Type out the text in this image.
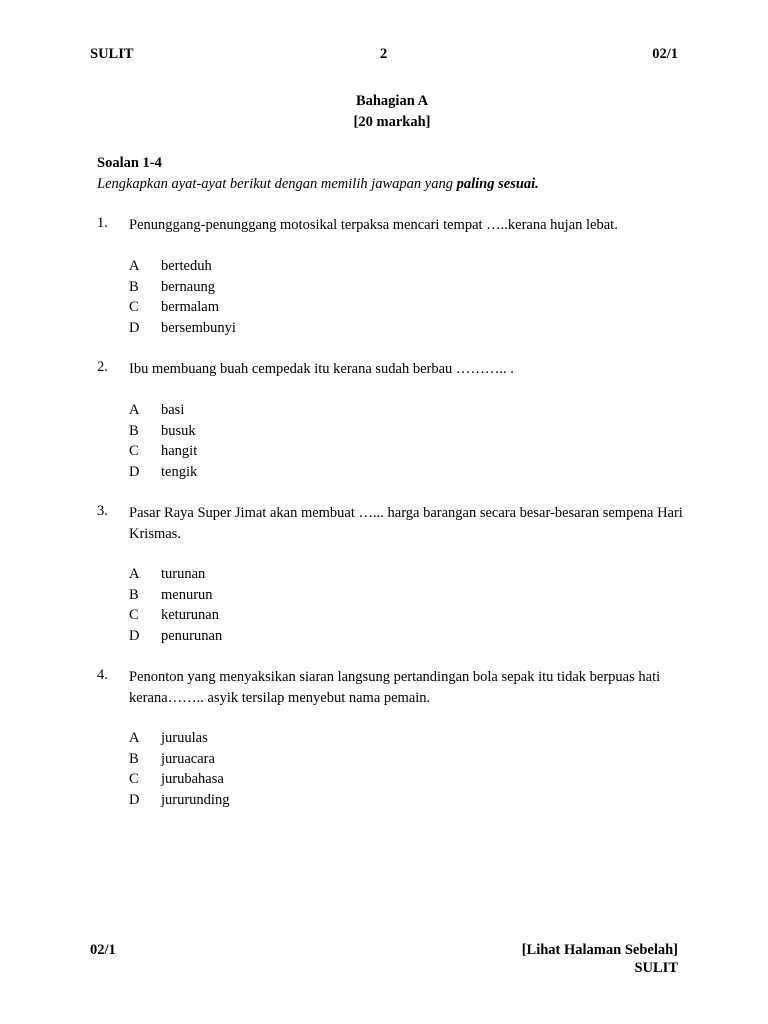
SULIT	2	02/1
Bahagian A
[20 markah]
Soalan 1-4
Lengkapkan ayat-ayat berikut dengan memilih jawapan yang paling sesuai.
1. Penunggang-penunggang motosikal terpaksa mencari tempat …..kerana hujan lebat.
A berteduh
B bernaung
C bermalam
D bersembunyi
2. Ibu membuang buah cempedak itu kerana sudah berbau ……….. .
A basi
B busuk
C hangit
D tengik
3. Pasar Raya Super Jimat akan membuat …... harga barangan secara besar-besaran sempena Hari Krismas.
A turunan
B menurun
C keturunan
D penurunan
4. Penonton yang menyaksikan siaran langsung pertandingan bola sepak itu tidak berpuas hati kerana…….. asyik tersilap menyebut nama pemain.
A juruulas
B juruacara
C jurubahasa
D jururunding
02/1	[Lihat Halaman Sebelah]
SULIT
